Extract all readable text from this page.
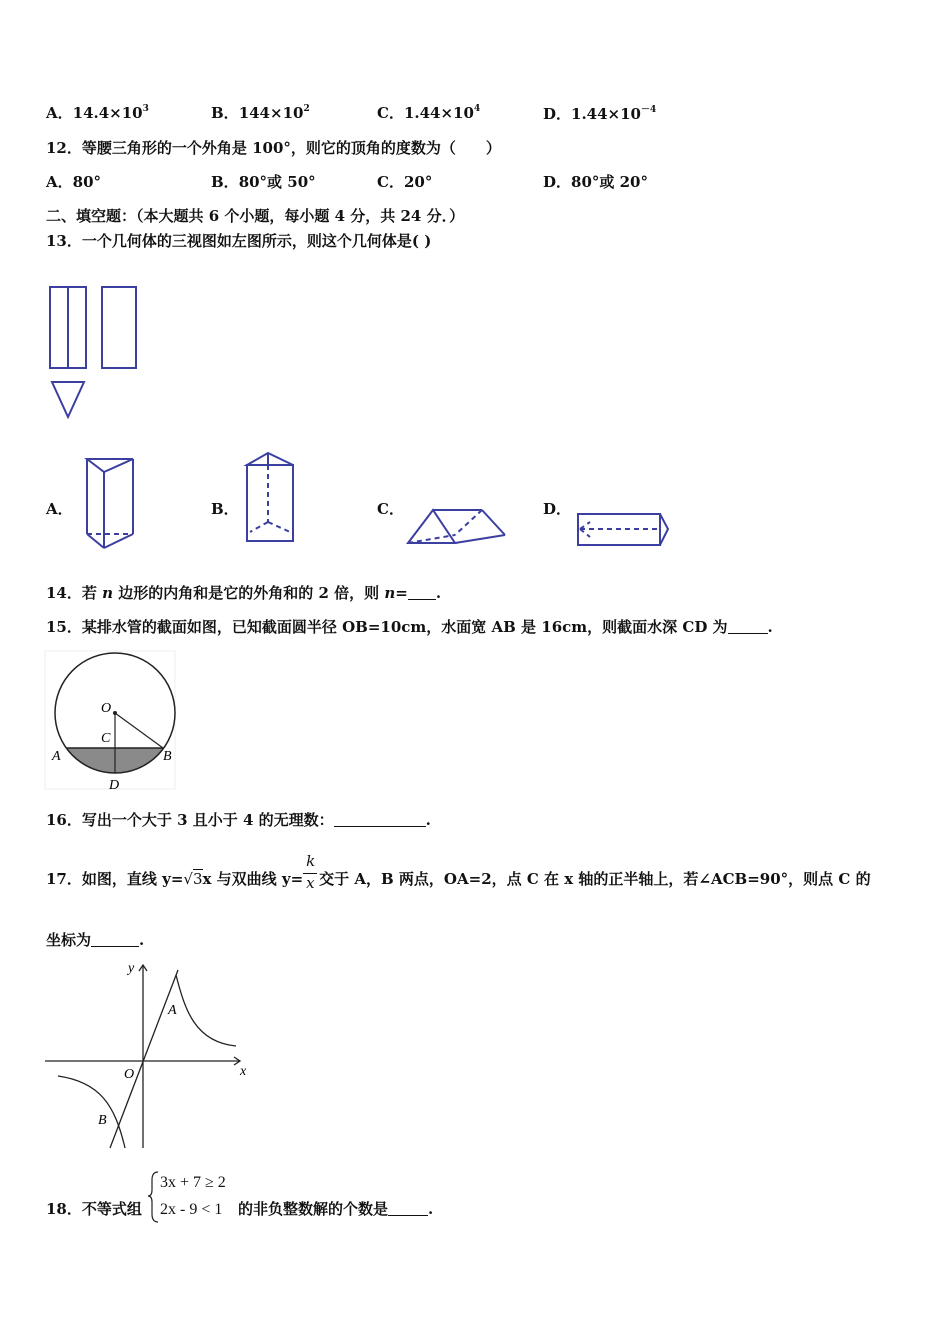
A．$14.4\times 10^3$	B．$144\times 10^2$	C．$1.44\times 10^4$	D．$1.44\times 10^{-4}$
12．等腰三角形的一个外角是 100°，则它的顶角的度数为（　　）
A．80°	B．80°或 50°	C．20°	D．80°或 20°
二、填空题：（本大题共 6 个小题，每小题 4 分，共 24 分．）
13．一个几何体的三视图如左图所示，则这个几何体是( )
A．	B．	C．	D．
14．若 n 边形的内角和是它的外角和的 2 倍，则 n= .
15．某排水管的截面如图，已知截面圆半径 OB=10cm，水面宽 AB 是 16cm，则截面水深 CD 为	.
O
C
A	B
D
16．写出一个大于 3 且小于 4 的无理数：	.
17．如图，直线 y=√3x 与双曲线 y=
$\frac{k}{x}$
交于 A，B 两点，OA=2，点 C 在 x 轴的正半轴上，若∠ACB=90°，则点 C 的
坐标为	.
y
x
O
A
B
18．不等式组
3x + 7 ≥ 2
2x - 9 < 1 的非负整数解的个数是	.
